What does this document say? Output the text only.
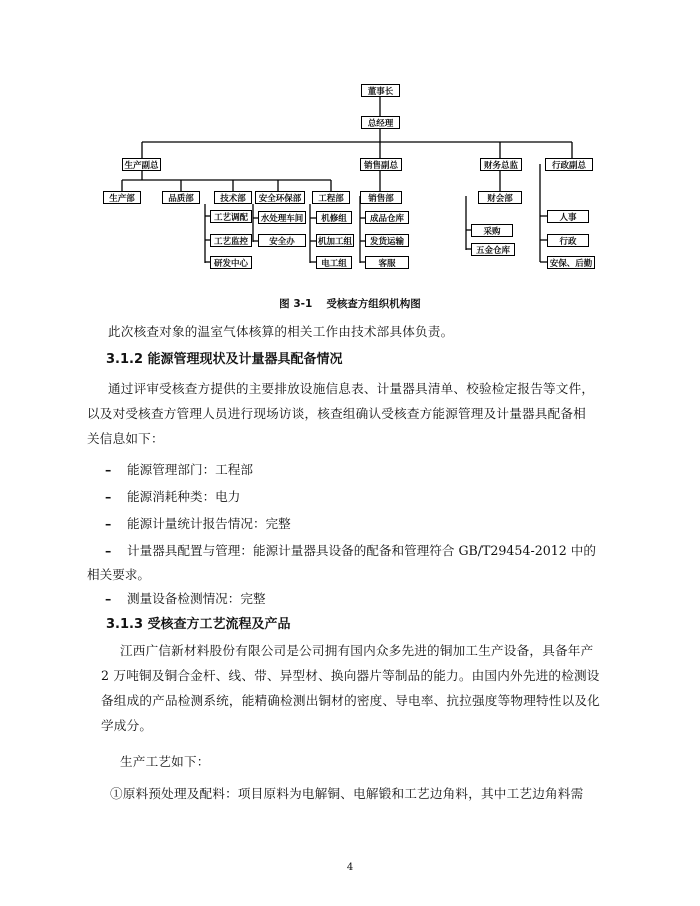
董事长
总经理
生产副总	销售副总	财务总监	行政副总
生产部	品质部	技术部	安全环保部	工程部
工艺调配
工艺监控
研发中心
水处理车间
安全办
机修组
机加工组
电工组
销售部
成品仓库
发货运输
客服
财会部
采购
五金仓库
人事
行政
安保、后勤
图 3-1 受核查方组织机构图
此次核查对象的温室气体核算的相关工作由技术部具体负责。
3.1.2 能源管理现状及计量器具配备情况
通过评审受核查方提供的主要排放设施信息表、计量器具清单、校验检定报告等文件，
以及对受核查方管理人员进行现场访谈，核查组确认受核查方能源管理及计量器具配备相
关信息如下：
– 能源管理部门：工程部
– 能源消耗种类：电力
– 能源计量统计报告情况：完整
– 计量器具配置与管理：能源计量器具设备的配备和管理符合 GB/T29454-2012 中的
相关要求。
– 测量设备检测情况：完整
3.1.3 受核查方工艺流程及产品
江西广信新材料股份有限公司是公司拥有国内众多先进的铜加工生产设备，具备年产
2 万吨铜及铜合金杆、线、带、异型材、换向器片等制品的能力。由国内外先进的检测设
备组成的产品检测系统，能精确检测出铜材的密度、导电率、抗拉强度等物理特性以及化
学成分。
生产工艺如下：
①原料预处理及配料：项目原料为电解铜、电解锻和工艺边角料，其中工艺边角料需
4
